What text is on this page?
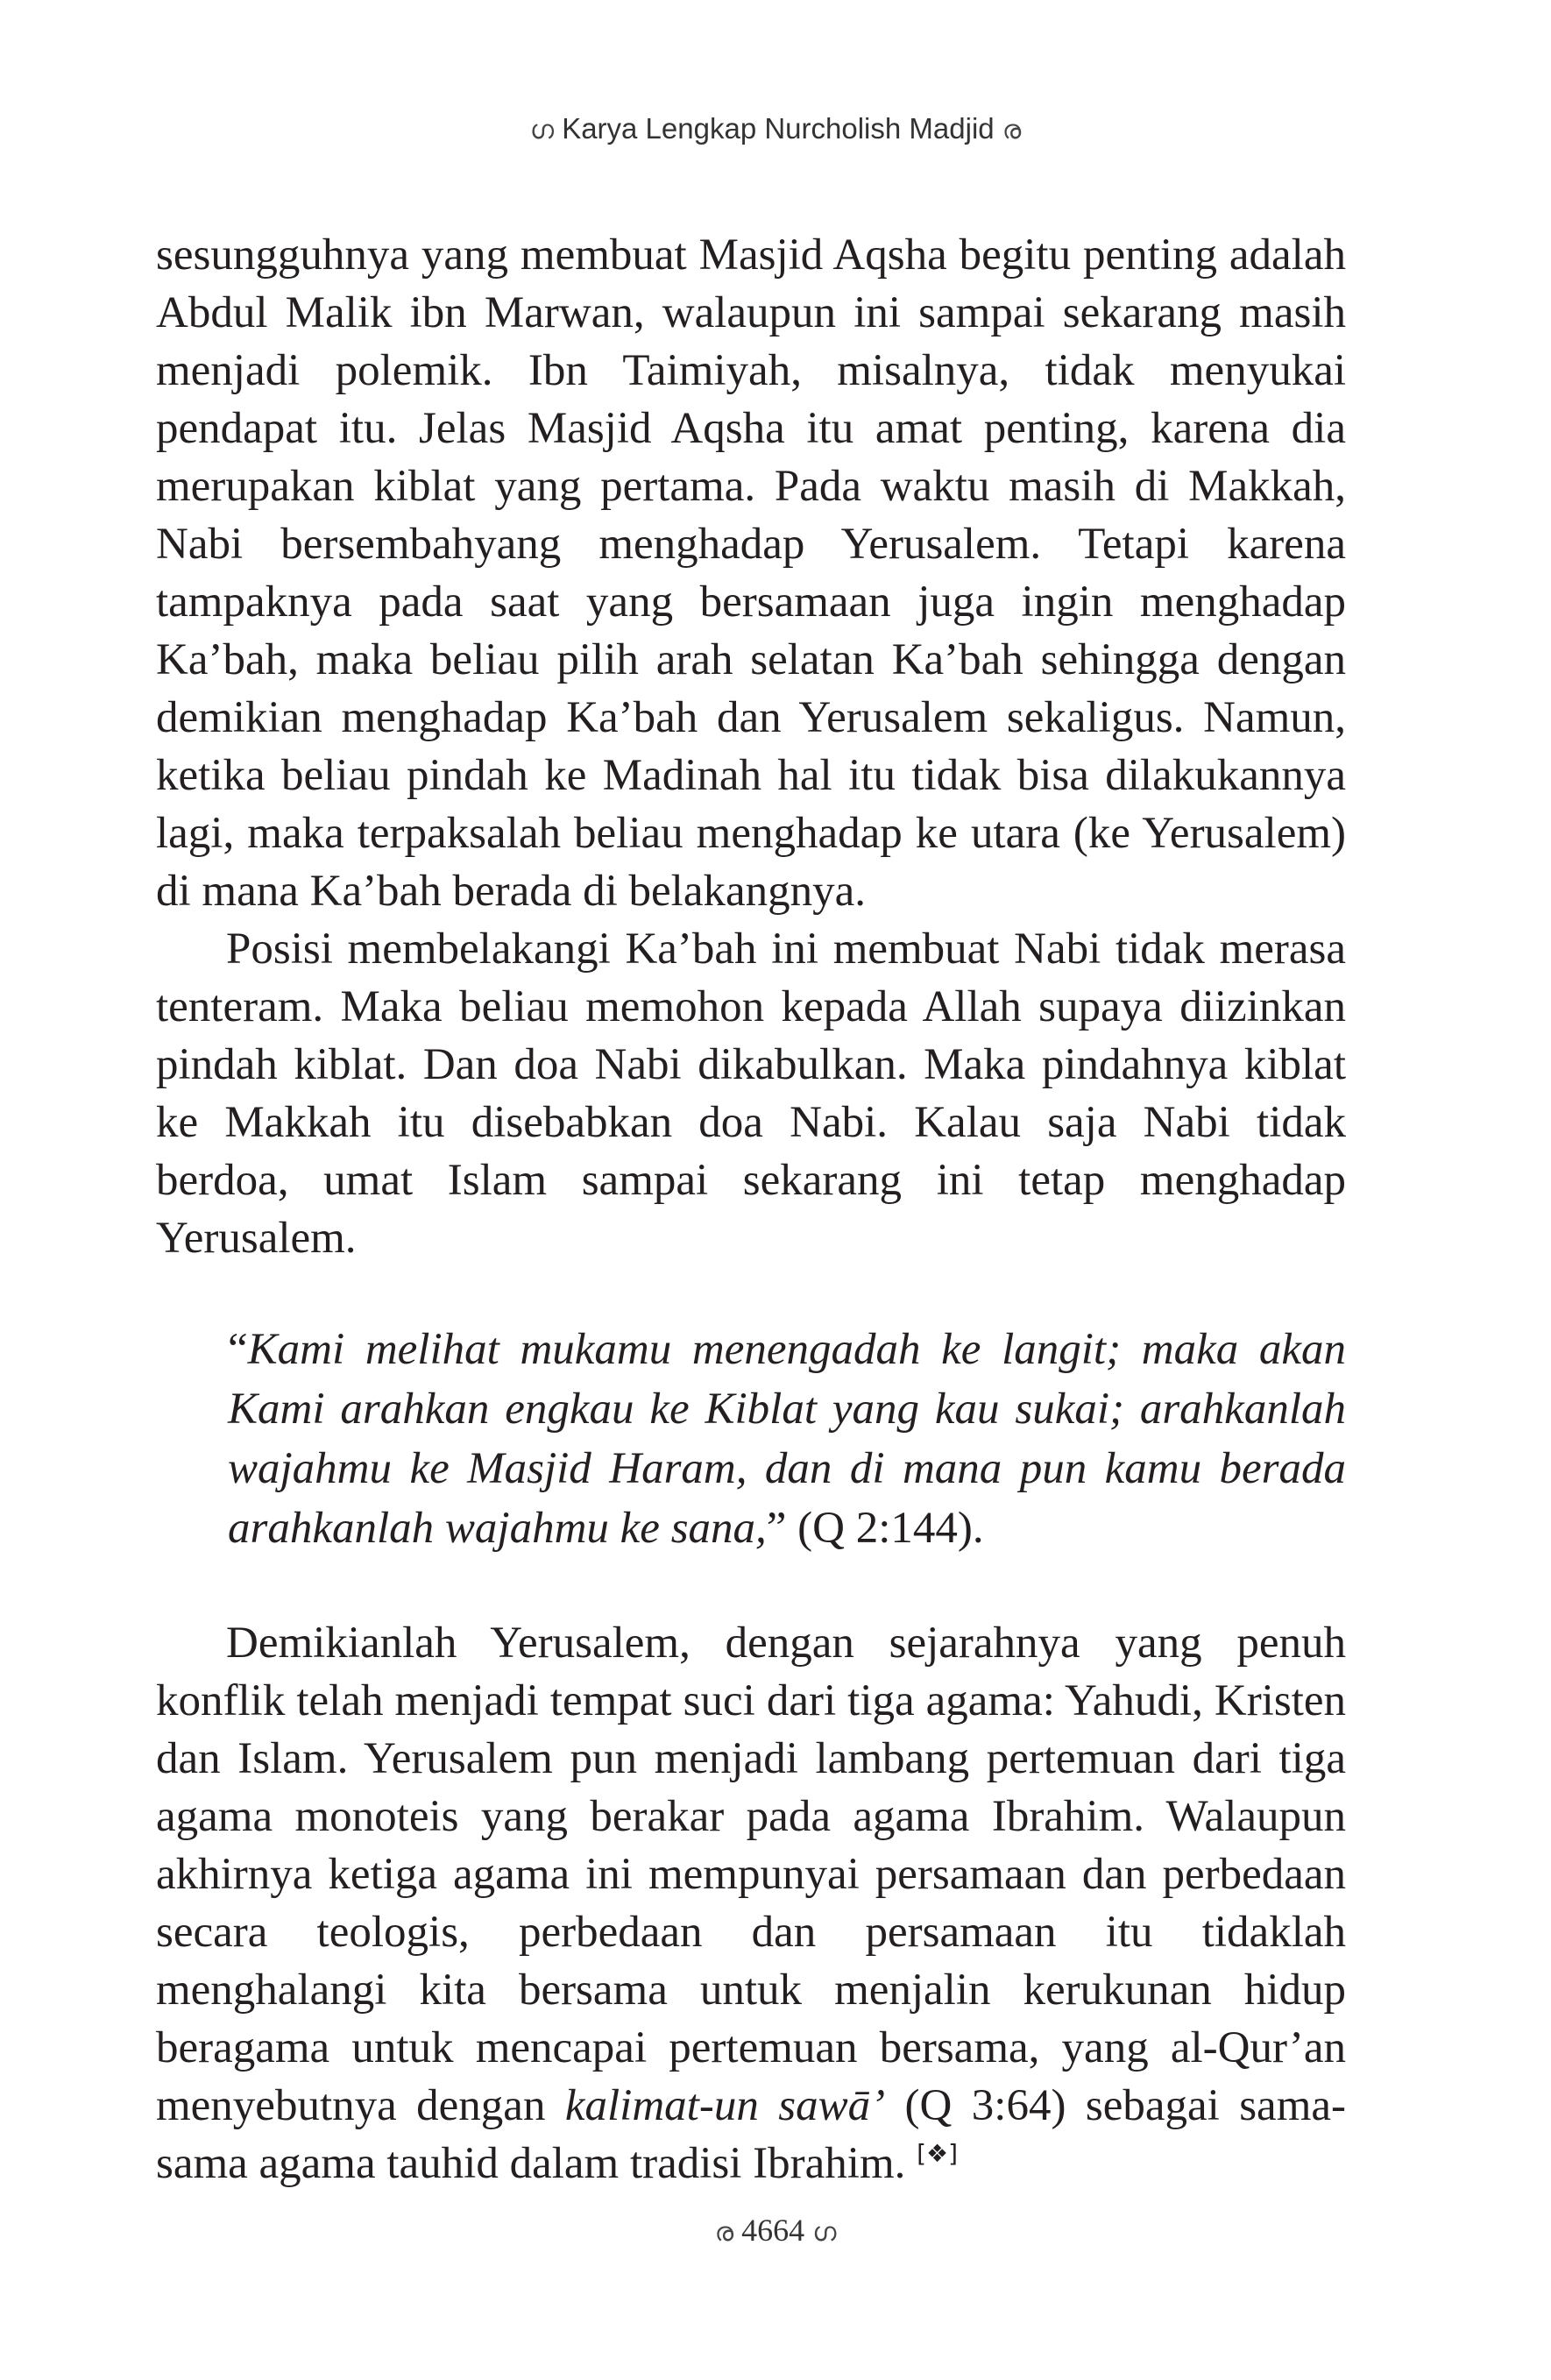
ഗ Karya Lengkap Nurcholish Madjid ര

sesungguhnya yang membuat Masjid Aqsha begitu penting adalah Abdul Malik ibn Marwan, walaupun ini sampai sekarang masih menjadi polemik. Ibn Taimiyah, misalnya, tidak menyukai pendapat itu. Jelas Masjid Aqsha itu amat penting, karena dia merupakan kiblat yang pertama. Pada waktu masih di Makkah, Nabi bersembahyang menghadap Yerusalem. Tetapi karena tampaknya pada saat yang bersamaan juga ingin menghadap Ka’bah, maka beliau pilih arah selatan Ka’bah sehingga dengan demikian menghadap Ka’bah dan Yerusalem sekaligus. Namun, ketika beliau pindah ke Madinah hal itu tidak bisa dilakukannya lagi, maka terpaksalah beliau menghadap ke utara (ke Yerusalem) di mana Ka’bah berada di belakangnya.

Posisi membelakangi Ka’bah ini membuat Nabi tidak merasa tenteram. Maka beliau memohon kepada Allah supaya diizinkan pindah kiblat. Dan doa Nabi dikabulkan. Maka pindahnya kiblat ke Makkah itu disebabkan doa Nabi. Kalau saja Nabi tidak berdoa, umat Islam sampai sekarang ini tetap menghadap Yerusalem.

“Kami melihat mukamu menengadah ke langit; maka akan Kami arahkan engkau ke Kiblat yang kau sukai; arahkanlah wajahmu ke Masjid Haram, dan di mana pun kamu berada arahkanlah wajahmu ke sana,” (Q 2:144).

Demikianlah Yerusalem, dengan sejarahnya yang penuh konflik telah menjadi tempat suci dari tiga agama: Yahudi, Kristen dan Islam. Yerusalem pun menjadi lambang pertemuan dari tiga agama monoteis yang berakar pada agama Ibrahim. Walaupun akhirnya ketiga agama ini mempunyai persamaan dan perbedaan secara teologis, perbedaan dan persamaan itu tidaklah menghalangi kita bersama untuk menjalin kerukunan hidup beragama untuk mencapai pertemuan bersama, yang al-Qur’an menyebutnya dengan kalimat-un sawā’ (Q 3:64) sebagai sama-sama agama tauhid dalam tradisi Ibrahim. [❖]

ര 4664 ഗ
